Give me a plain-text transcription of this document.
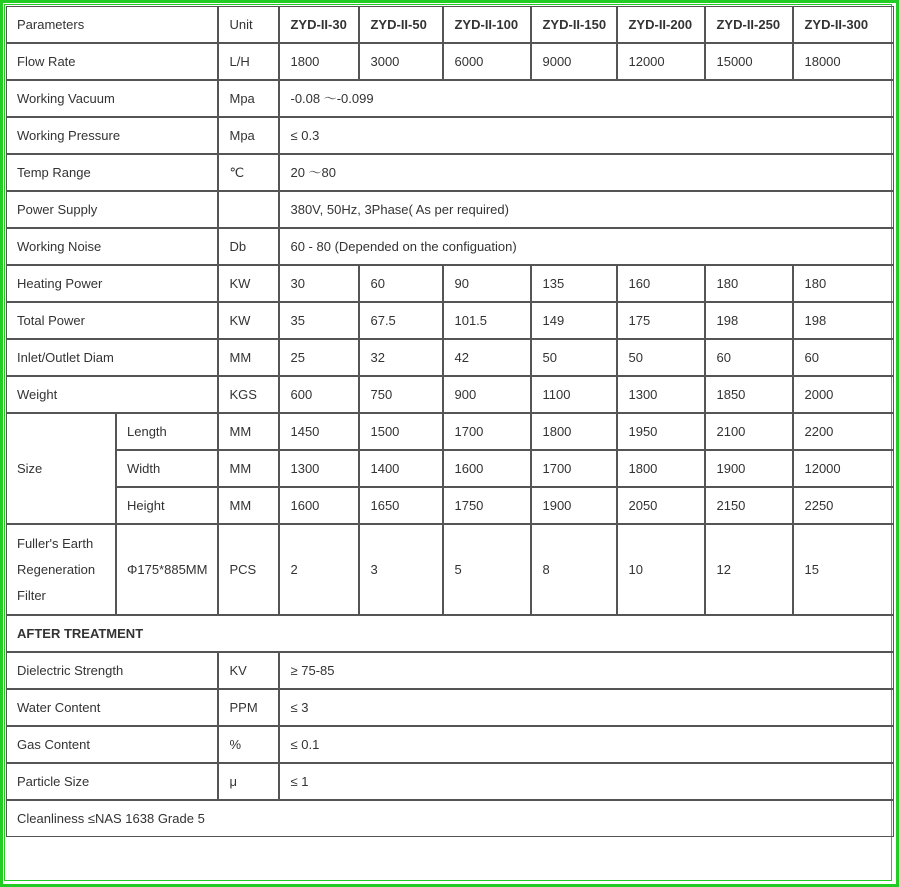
Parameters		Unit	ZYD-II-30	ZYD-II-50	ZYD-II-100	ZYD-II-150	ZYD-II-200	ZYD-II-250	ZYD-II-300
Flow Rate		L/H	1800	3000	6000	9000	12000	15000	18000
Working Vacuum		Mpa	-0.08 ～-0.099						
Working Pressure		Mpa	≤ 0.3						
Temp Range		℃	20 ～80						
Power Supply			380V, 50Hz, 3Phase( As per required)						
Working Noise		Db	60 - 80 (Depended on the configuation)						
Heating Power		KW	30	60	90	135	160	180	180
Total Power		KW	35	67.5	101.5	149	175	198	198
Inlet/Outlet Diam		MM	25	32	42	50	50	60	60
Weight		KGS	600	750	900	1100	1300	1850	2000
Size	Length	MM	1450	1500	1700	1800	1950	2100	2200
	Width	MM	1300	1400	1600	1700	1800	1900	12000
	Height	MM	1600	1650	1750	1900	2050	2150	2250

Fuller's Earth
Regeneration
Filter	Φ175*885MM	PCS	2	3	5	8	10	12	15
AFTER TREATMENT									
Dielectric Strength		KV	≥ 75-85						
Water Content		PPM	≤ 3						
Gas Content		%	≤ 0.1						
Particle Size		μ	≤ 1						
Cleanliness ≤NAS 1638 Grade 5									
